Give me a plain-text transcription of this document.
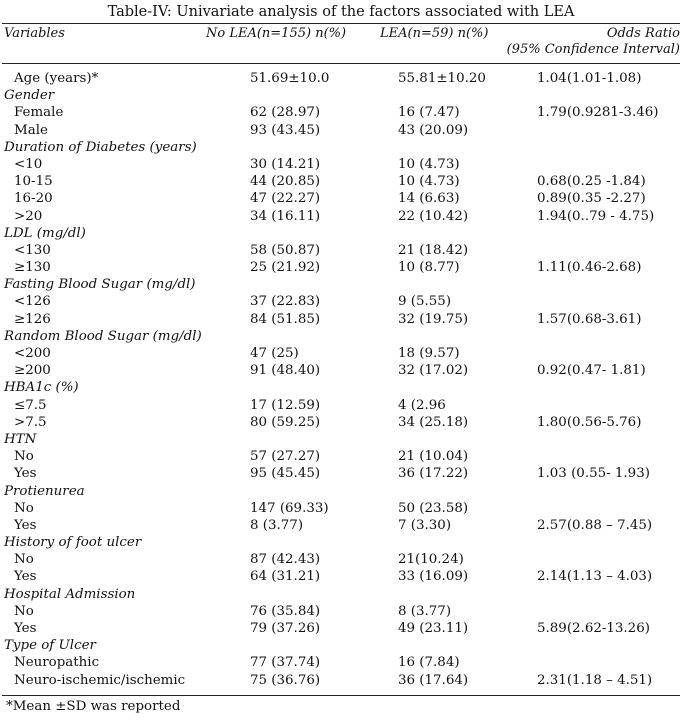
Table-IV: Univariate analysis of the factors associated with LEA
Variables	No LEA(n=155) n(%)	LEA(n=59) n(%)	Odds Ratio
(95% Confidence Interval)
Age (years)*	51.69±10.0	55.81±10.20	1.04(1.01-1.08)
Gender
Female	62 (28.97)	16 (7.47)	1.79(0.9281-3.46)
Male	93 (43.45)	43 (20.09)
Duration of Diabetes (years)
<10	30 (14.21)	10 (4.73)
10-15	44 (20.85)	10 (4.73)	0.68(0.25 -1.84)
16-20	47 (22.27)	14 (6.63)	0.89(0.35 -2.27)
>20	34 (16.11)	22 (10.42)	1.94(0..79 - 4.75)
LDL (mg/dl)
<130	58 (50.87)	21 (18.42)
≥130	25 (21.92)	10 (8.77)	1.11(0.46-2.68)
Fasting Blood Sugar (mg/dl)
<126	37 (22.83)	9 (5.55)
≥126	84 (51.85)	32 (19.75)	1.57(0.68-3.61)
Random Blood Sugar (mg/dl)
<200	47 (25)	18 (9.57)
≥200	91 (48.40)	32 (17.02)	0.92(0.47- 1.81)
HBA1c (%)
≤7.5	17 (12.59)	4 (2.96
>7.5	80 (59.25)	34 (25.18)	1.80(0.56-5.76)
HTN
No	57 (27.27)	21 (10.04)
Yes	95 (45.45)	36 (17.22)	1.03 (0.55- 1.93)
Protienurea
No	147 (69.33)	50 (23.58)
Yes	8 (3.77)	7 (3.30)	2.57(0.88 – 7.45)
History of foot ulcer
No	87 (42.43)	21(10.24)
Yes	64 (31.21)	33 (16.09)	2.14(1.13 – 4.03)
Hospital Admission
No	76 (35.84)	8 (3.77)
Yes	79 (37.26)	49 (23.11)	5.89(2.62-13.26)
Type of Ulcer
Neuropathic	77 (37.74)	16 (7.84)
Neuro-ischemic/ischemic	75 (36.76)	36 (17.64)	2.31(1.18 – 4.51)
*Mean ±SD was reported
